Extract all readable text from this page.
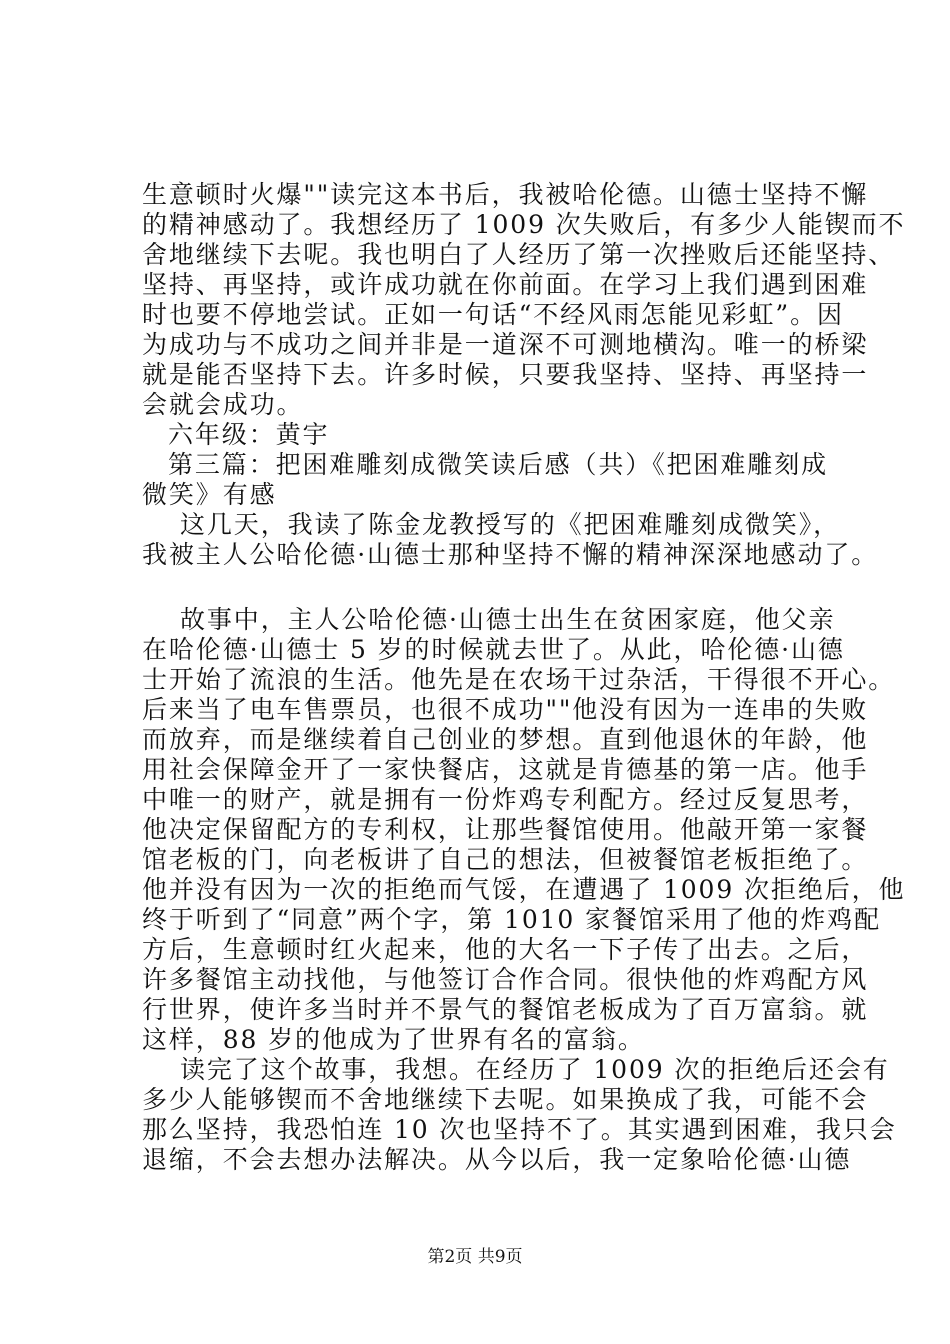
生意顿时火爆""读完这本书后，我被哈伦德。山德士坚持不懈
的精神感动了。我想经历了 1009 次失败后，有多少人能锲而不
舍地继续下去呢。我也明白了人经历了第一次挫败后还能坚持、
坚持、再坚持，或许成功就在你前面。在学习上我们遇到困难
时也要不停地尝试。正如一句话“不经风雨怎能见彩虹”。因
为成功与不成功之间并非是一道深不可测地横沟。唯一的桥梁
就是能否坚持下去。许多时候，只要我坚持、坚持、再坚持一
会就会成功。
六年级：黄宇
第三篇：把困难雕刻成微笑读后感（共）《把困难雕刻成
微笑》有感
这几天，我读了陈金龙教授写的《把困难雕刻成微笑》，
我被主人公哈伦德·山德士那种坚持不懈的精神深深地感动了。
故事中，主人公哈伦德·山德士出生在贫困家庭，他父亲
在哈伦德·山德士 5 岁的时候就去世了。从此，哈伦德·山德
士开始了流浪的生活。他先是在农场干过杂活，干得很不开心。
后来当了电车售票员，也很不成功""他没有因为一连串的失败
而放弃，而是继续着自己创业的梦想。直到他退休的年龄，他
用社会保障金开了一家快餐店，这就是肯德基的第一店。他手
中唯一的财产，就是拥有一份炸鸡专利配方。经过反复思考，
他决定保留配方的专利权，让那些餐馆使用。他敲开第一家餐
馆老板的门，向老板讲了自己的想法，但被餐馆老板拒绝了。
他并没有因为一次的拒绝而气馁，在遭遇了 1009 次拒绝后，他
终于听到了“同意”两个字，第 1010 家餐馆采用了他的炸鸡配
方后，生意顿时红火起来，他的大名一下子传了出去。之后，
许多餐馆主动找他，与他签订合作合同。很快他的炸鸡配方风
行世界，使许多当时并不景气的餐馆老板成为了百万富翁。就
这样，88 岁的他成为了世界有名的富翁。
读完了这个故事，我想。在经历了 1009 次的拒绝后还会有
多少人能够锲而不舍地继续下去呢。如果换成了我，可能不会
那么坚持，我恐怕连 10 次也坚持不了。其实遇到困难，我只会
退缩，不会去想办法解决。从今以后，我一定象哈伦德·山德
第2页 共9页
